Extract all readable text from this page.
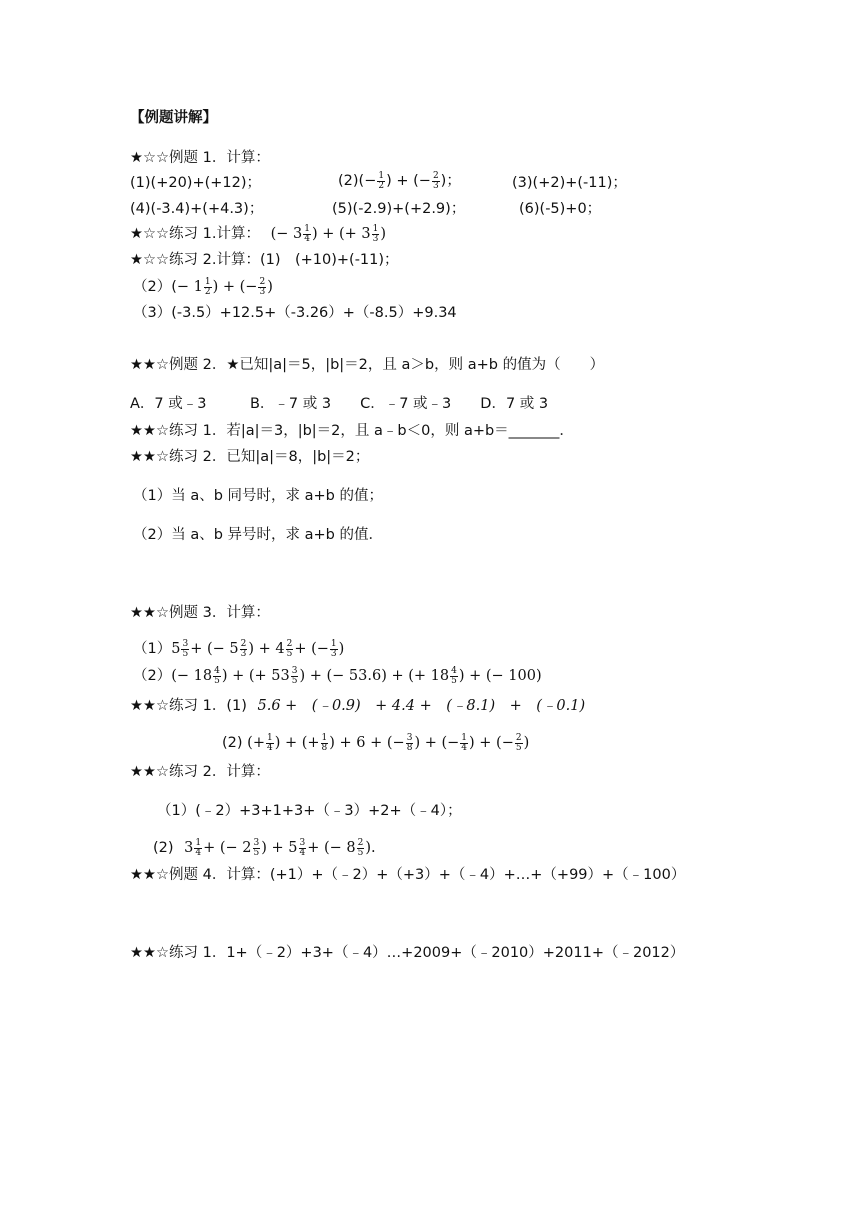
【例题讲解】
★☆☆例题 1．计算：
(1)(+20)+(+12)；	$(2)(- \frac{1}{2}$ ) + (− $\frac{2}{3}$ )；	(3)(+2)+(-11)；
(4)(-3.4)+(+4.3)；	(5)(-2.9)+(+2.9)；	(6)(-5)+0；
★☆☆练习 1.计算： (− $3 \frac{1}{4}$ ) + (+ $3 \frac{1}{3}$ )
★☆☆练习 2.计算：(1)　(+10)+(-11)；
$(2)(- 1 \frac{1}{2}$ ) + (− $\frac{2}{3}$ )
（3）(-3.5）+12.5+（-3.26）+（-8.5）+9.34
★★☆例题 2．★已知|a|＝5，|b|＝2，且 a＞b，则 a+b 的值为（　　）
A．7 或﹣3　　　B．﹣7 或 3　　C．﹣7 或﹣3　　D．7 或 3
★★☆练习 1．若|a|＝3，|b|＝2，且 a﹣b＜0，则 a+b＝_______．
★★☆练习 2．已知|a|＝8，|b|＝2；
（1）当 a、b 同号时，求 a+b 的值；
（2）当 a、b 异号时，求 a+b 的值．
★★☆例题 3．计算：
$(1)5 \frac{3}{5}$ + (− $5 \frac{2}{3}$ ) + $4 \frac{2}{5}$ + (− $\frac{1}{3}$ )
$(2)(- 18 \frac{4}{5}$ ) + (+ $53 \frac{3}{5}$ ) + (− 53.6) + (+ $18 \frac{4}{5}$ ) + (− 100)
★★☆练习 1．(1) 5.6 +　(﹣0.9)　+ 4.4 +　(﹣8.1)　+　(﹣0.1)
(2) (+ $\frac{1}{4}$ ) + (+ $\frac{1}{8}$ ) + 6 + (− $\frac{3}{8}$ ) + (− $\frac{1}{4}$ ) + (− $\frac{2}{5}$ )
★★☆练习 2．计算：
（1）(﹣2）+3+1+3+（﹣3）+2+（﹣4）；
(2) $3 \frac{1}{4}$ + (− $2 \frac{3}{5}$ ) + $5 \frac{3}{4}$ + (− $8 \frac{2}{5}$ ).
★★☆例题 4．计算：(+1）+（﹣2）+（+3）+（﹣4）+…+（+99）+（﹣100）
★★☆练习 1．1+（﹣2）+3+（﹣4）…+2009+（﹣2010）+2011+（﹣2012）
